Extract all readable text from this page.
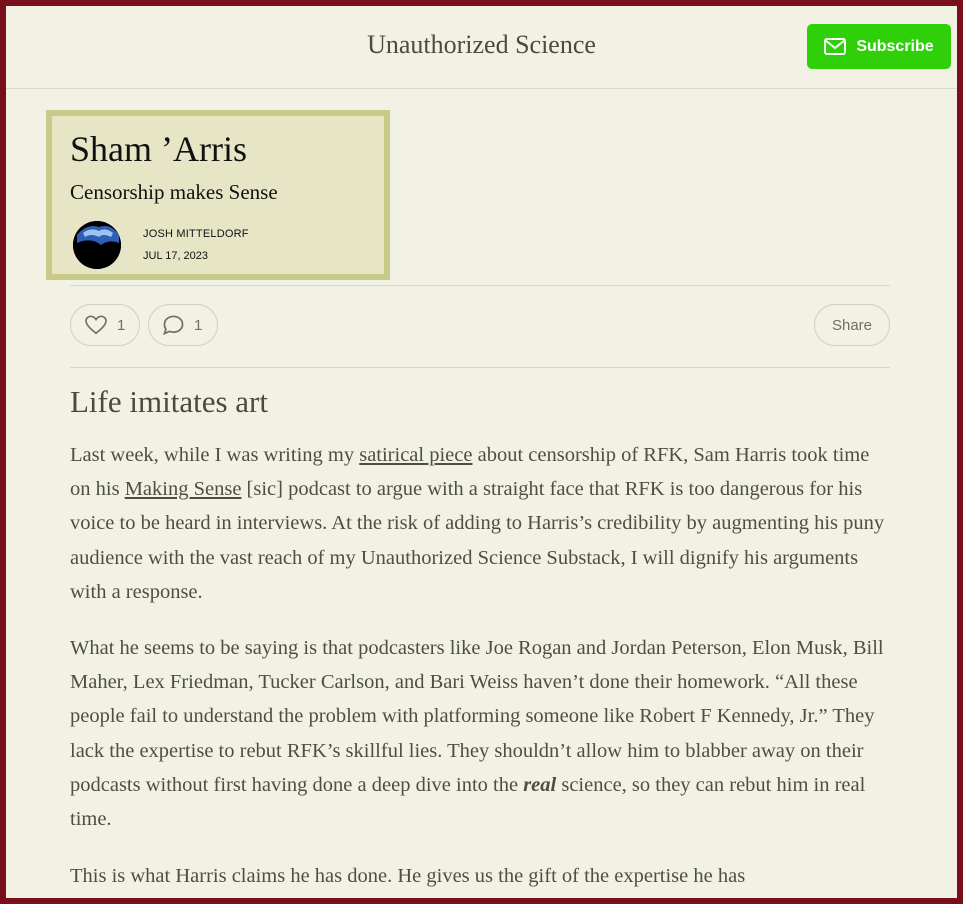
Unauthorized Science	Subscribe
Sham ’Arris
Censorship makes Sense
JOSH MITTELDORF
JUL 17, 2023
1	1	Share
Life imitates art

Last week, while I was writing my satirical piece about censorship of RFK, Sam Harris took time on his Making Sense [sic] podcast to argue with a straight face that RFK is too dangerous for his voice to be heard in interviews. At the risk of adding to Harris’s credibility by augmenting his puny audience with the vast reach of my Unauthorized Science Substack, I will dignify his arguments with a response.

What he seems to be saying is that podcasters like Joe Rogan and Jordan Peterson, Elon Musk, Bill Maher, Lex Friedman, Tucker Carlson, and Bari Weiss haven’t done their homework. “All these people fail to understand the problem with platforming someone like Robert F Kennedy, Jr.” They lack the expertise to rebut RFK’s skillful lies. They shouldn’t allow him to blabber away on their podcasts without first having done a deep dive into the real science, so they can rebut him in real time.

This is what Harris claims he has done. He gives us the gift of the expertise he has
